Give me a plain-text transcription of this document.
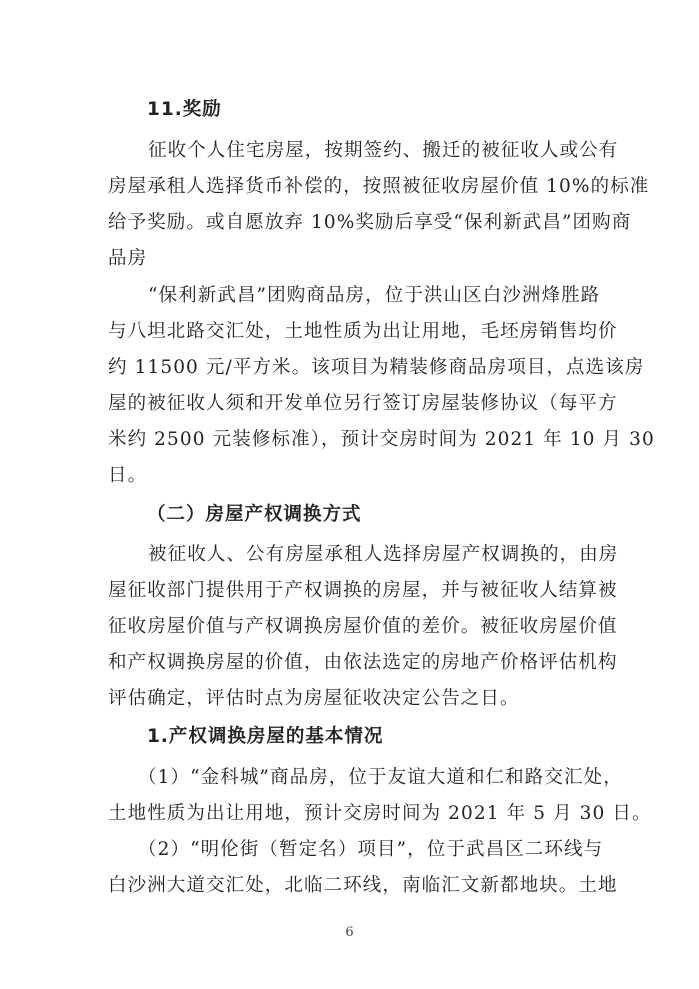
11.奖励

征收个人住宅房屋，按期签约、搬迁的被征收人或公有

房屋承租人选择货币补偿的，按照被征收房屋价值 10%的标准

给予奖励。或自愿放弃 10%奖励后享受“保利新武昌”团购商

品房

“保利新武昌”团购商品房，位于洪山区白沙洲烽胜路

与八坦北路交汇处，土地性质为出让用地，毛坯房销售均价

约 11500 元/平方米。该项目为精装修商品房项目，点选该房

屋的被征收人须和开发单位另行签订房屋装修协议（每平方

米约 2500 元装修标准），预计交房时间为 2021 年 10 月 30

日。

（二）房屋产权调换方式

被征收人、公有房屋承租人选择房屋产权调换的，由房

屋征收部门提供用于产权调换的房屋，并与被征收人结算被

征收房屋价值与产权调换房屋价值的差价。被征收房屋价值

和产权调换房屋的价值，由依法选定的房地产价格评估机构

评估确定，评估时点为房屋征收决定公告之日。

1.产权调换房屋的基本情况

（1）“金科城”商品房，位于友谊大道和仁和路交汇处，

土地性质为出让用地，预计交房时间为 2021 年 5 月 30 日。

（2）“明伦街（暂定名）项目”，位于武昌区二环线与

白沙洲大道交汇处，北临二环线，南临汇文新都地块。土地

6
